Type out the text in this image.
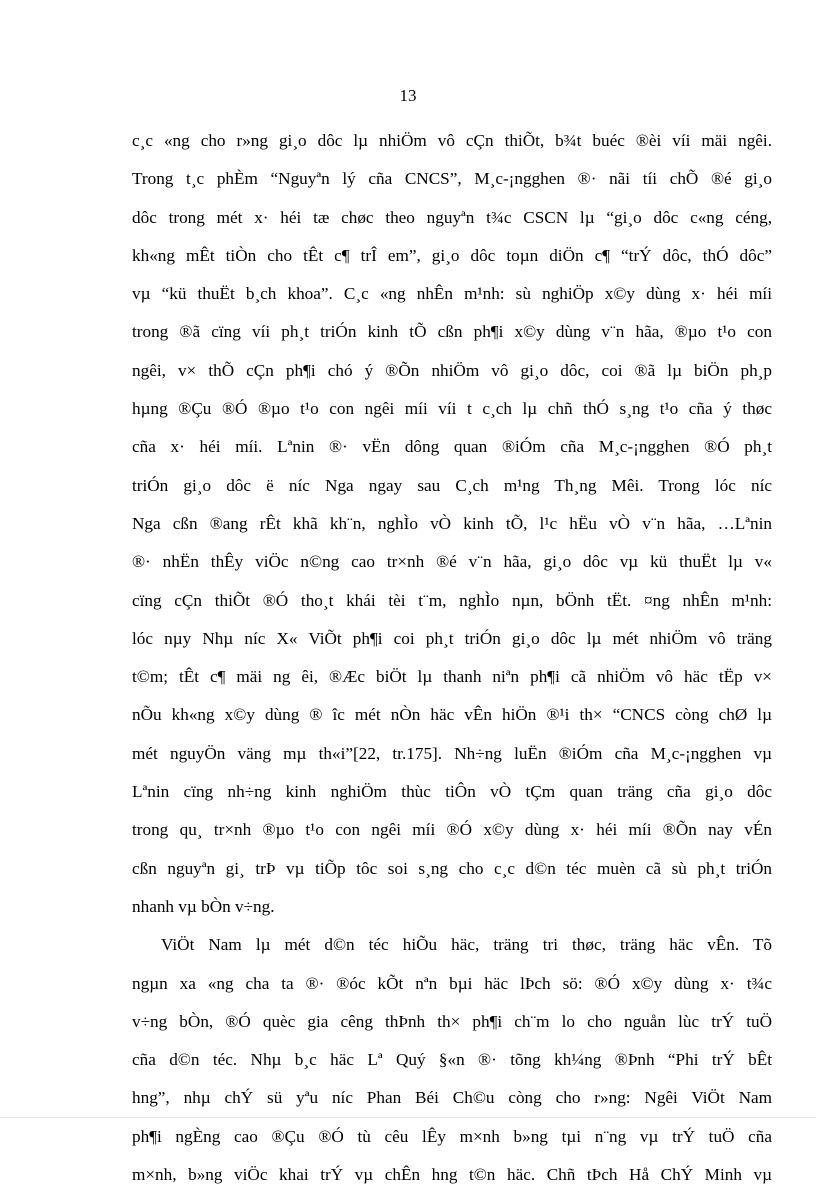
13
c¸c «ng cho r»ng gi¸o dôc lµ nhiÖm vô cÇn thiÕt, b¾t buéc ®èi víi mäi ngêi.
Trong t¸c phÈm “Nguyªn lý cña CNCS”, M¸c-¡ngghen ®· nãi tíi chÕ ®é gi¸o
dôc trong mét x· héi tæ chøc theo nguyªn t¾c CSCN lµ “gi¸o dôc c«ng céng,
kh«ng mÊt tiÒn cho tÊt c¶ trÎ em”, gi¸o dôc toµn diÖn c¶ “trÝ dôc, thÓ dôc”
vµ “kü thuËt b¸ch khoa”. C¸c «ng nhÊn m¹nh: sù nghiÖp x©y dùng x· héi míi
trong ®ã cïng víi ph¸t triÓn kinh tÕ cßn ph¶i x©y dùng v¨n hãa, ®µo t¹o con
ngêi, v× thÕ cÇn ph¶i chó ý ®Õn nhiÖm vô gi¸o dôc, coi ®ã lµ biÖn ph¸p
hµng ®Çu ®Ó ®µo t¹o con ngêi míi víi t c¸ch lµ chñ thÓ s¸ng t¹o cña ý thøc
cña x· héi míi. Lªnin ®· vËn dông quan ®iÓm cña M¸c-¡ngghen ®Ó ph¸t
triÓn gi¸o dôc ë níc Nga ngay sau C¸ch m¹ng Th¸ng Mêi. Trong lóc níc
Nga cßn ®ang rÊt khã kh¨n, nghÌo vÒ kinh tÕ, l¹c hËu vÒ v¨n hãa, …Lªnin
®· nhËn thÊy viÖc n©ng cao tr×nh ®é v¨n hãa, gi¸o dôc vµ kü thuËt lµ v«
cïng cÇn thiÕt ®Ó tho¸t khái tèi t¨m, nghÌo nµn, bÖnh tËt. ¤ng nhÊn m¹nh:
lóc nµy Nhµ níc X« ViÕt ph¶i coi ph¸t triÓn gi¸o dôc lµ mét nhiÖm vô träng
t©m; tÊt c¶ mäi ng êi, ®Æc biÖt lµ thanh niªn ph¶i cã nhiÖm vô häc tËp v×
nÕu kh«ng x©y dùng ® îc mét nÒn häc vÊn hiÖn ®¹i th× “CNCS còng chØ lµ
mét nguyÖn väng mµ th«i”[22, tr.175]. Nh÷ng luËn ®iÓm cña M¸c-¡ngghen vµ
Lªnin cïng nh÷ng kinh nghiÖm thùc tiÔn vÒ tÇm quan träng cña gi¸o dôc
trong qu¸ tr×nh ®µo t¹o con ngêi míi ®Ó x©y dùng x· héi míi ®Õn nay vÉn
cßn nguyªn gi¸ trÞ vµ tiÕp tôc soi s¸ng cho c¸c d©n téc muèn cã sù ph¸t triÓn
nhanh vµ bÒn v÷ng.
ViÖt Nam lµ mét d©n téc hiÕu häc, träng tri thøc, träng häc vÊn. Tõ
ngµn xa «ng cha ta ®· ®óc kÕt nªn bµi häc lÞch sö: ®Ó x©y dùng x· t¾c
v÷ng bÒn, ®Ó quèc gia cêng thÞnh th× ph¶i ch¨m lo cho nguån lùc trÝ tuÖ
cña d©n téc. Nhµ b¸c häc Lª Quý §«n ®· tõng kh¼ng ®Þnh “Phi trÝ bÊt
hng”, nhµ chÝ sü yªu níc Phan Béi Ch©u còng cho r»ng: Ngêi ViÖt Nam
ph¶i ngÈng cao ®Çu ®Ó tù cêu lÊy m×nh b»ng tµi n¨ng vµ trÝ tuÖ cña
m×nh, b»ng viÖc khai trÝ vµ chÊn hng t©n häc. Chñ tÞch Hå ChÝ Minh vµ
